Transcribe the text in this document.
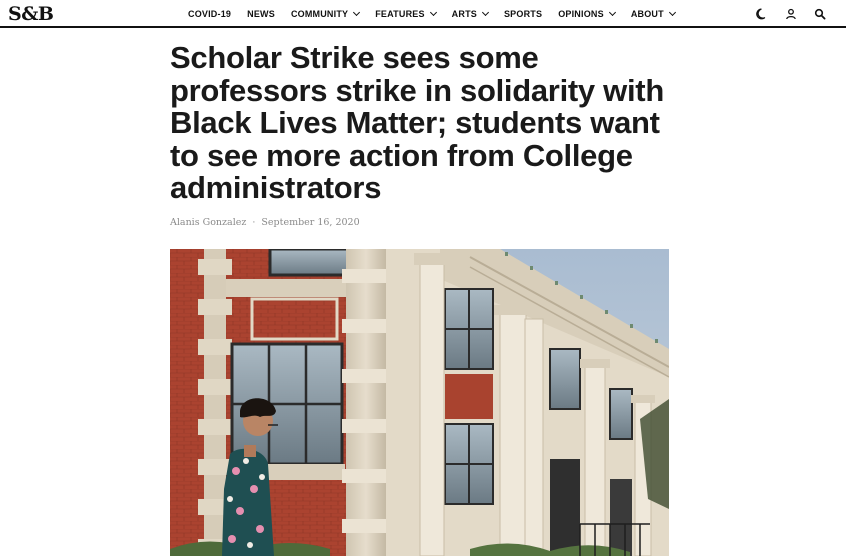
S&B	COVID-19 NEWS COMMUNITY	FEATURES	ARTS	SPORTS OPINIONS	ABOUT
Scholar Strike sees some professors strike in solidarity with Black Lives Matter; students want to see more action from College administrators
Alanis Gonzalez · September 16, 2020
